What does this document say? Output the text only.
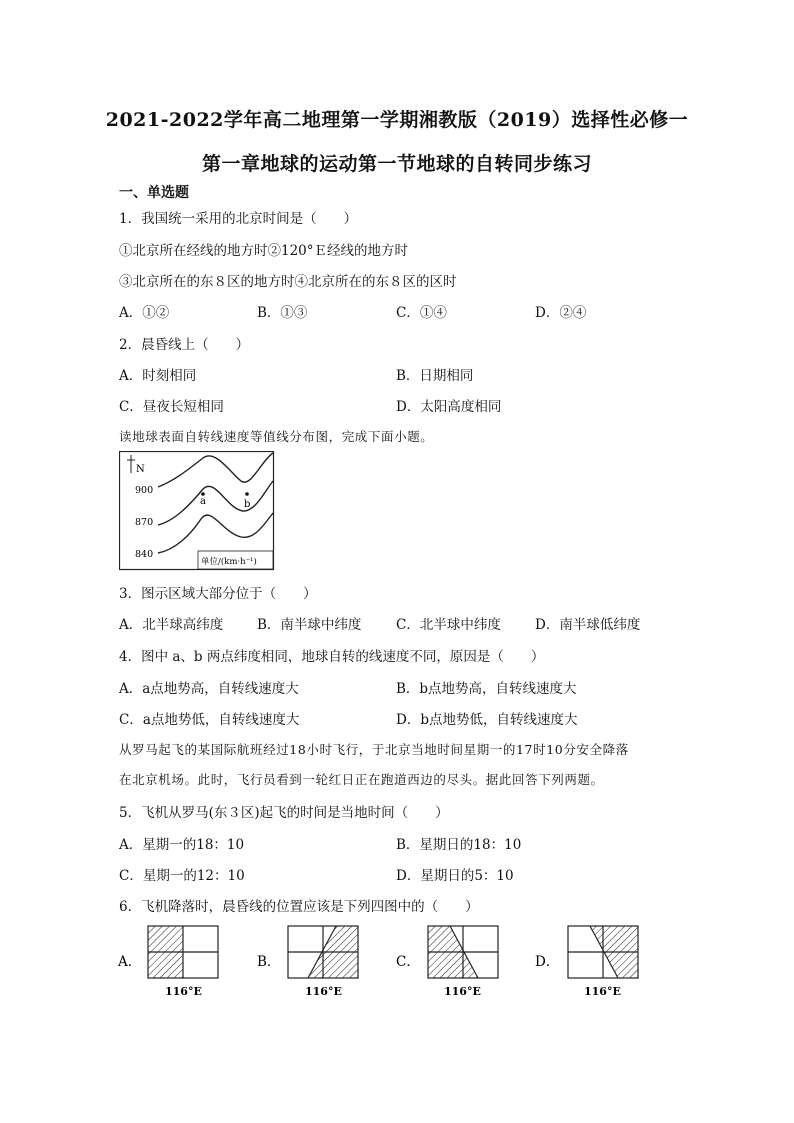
2021-2022学年高二地理第一学期湘教版（2019）选择性必修一
第一章地球的运动第一节地球的自转同步练习
一、单选题
1．我国统一采用的北京时间是（　　）
①北京所在经线的地方时②120°Ｅ经线的地方时
③北京所在的东８区的地方时④北京所在的东８区的区时
A．①②	B．①③	C．①④	D．②④
2．晨昏线上（　　）
A．时刻相同	B．日期相同
C．昼夜长短相同	D．太阳高度相同
读地球表面自转线速度等值线分布图，完成下面小题。
N
900
870
840
a	b
单位/(km·h⁻¹)
3．图示区域大部分位于（　　）
A．北半球高纬度	B．南半球中纬度	C．北半球中纬度	D．南半球低纬度
4．图中 a、b 两点纬度相同，地球自转的线速度不同，原因是（　　）
A．a点地势高，自转线速度大	B．b点地势高，自转线速度大
C．a点地势低，自转线速度大	D．b点地势低，自转线速度大
从罗马起飞的某国际航班经过18小时飞行，于北京当地时间星期一的17时10分安全降落
在北京机场。此时，飞行员看到一轮红日正在跑道西边的尽头。据此回答下列两题。
5．飞机从罗马(东３区)起飞的时间是当地时间（　　）
A．星期一的18：10	B．星期日的18：10
C．星期一的12：10	D．星期日的5：10
6．飞机降落时，晨昏线的位置应该是下列四图中的（　　）
A．
116°E
B．
116°E
C．
116°E
D．
116°E
